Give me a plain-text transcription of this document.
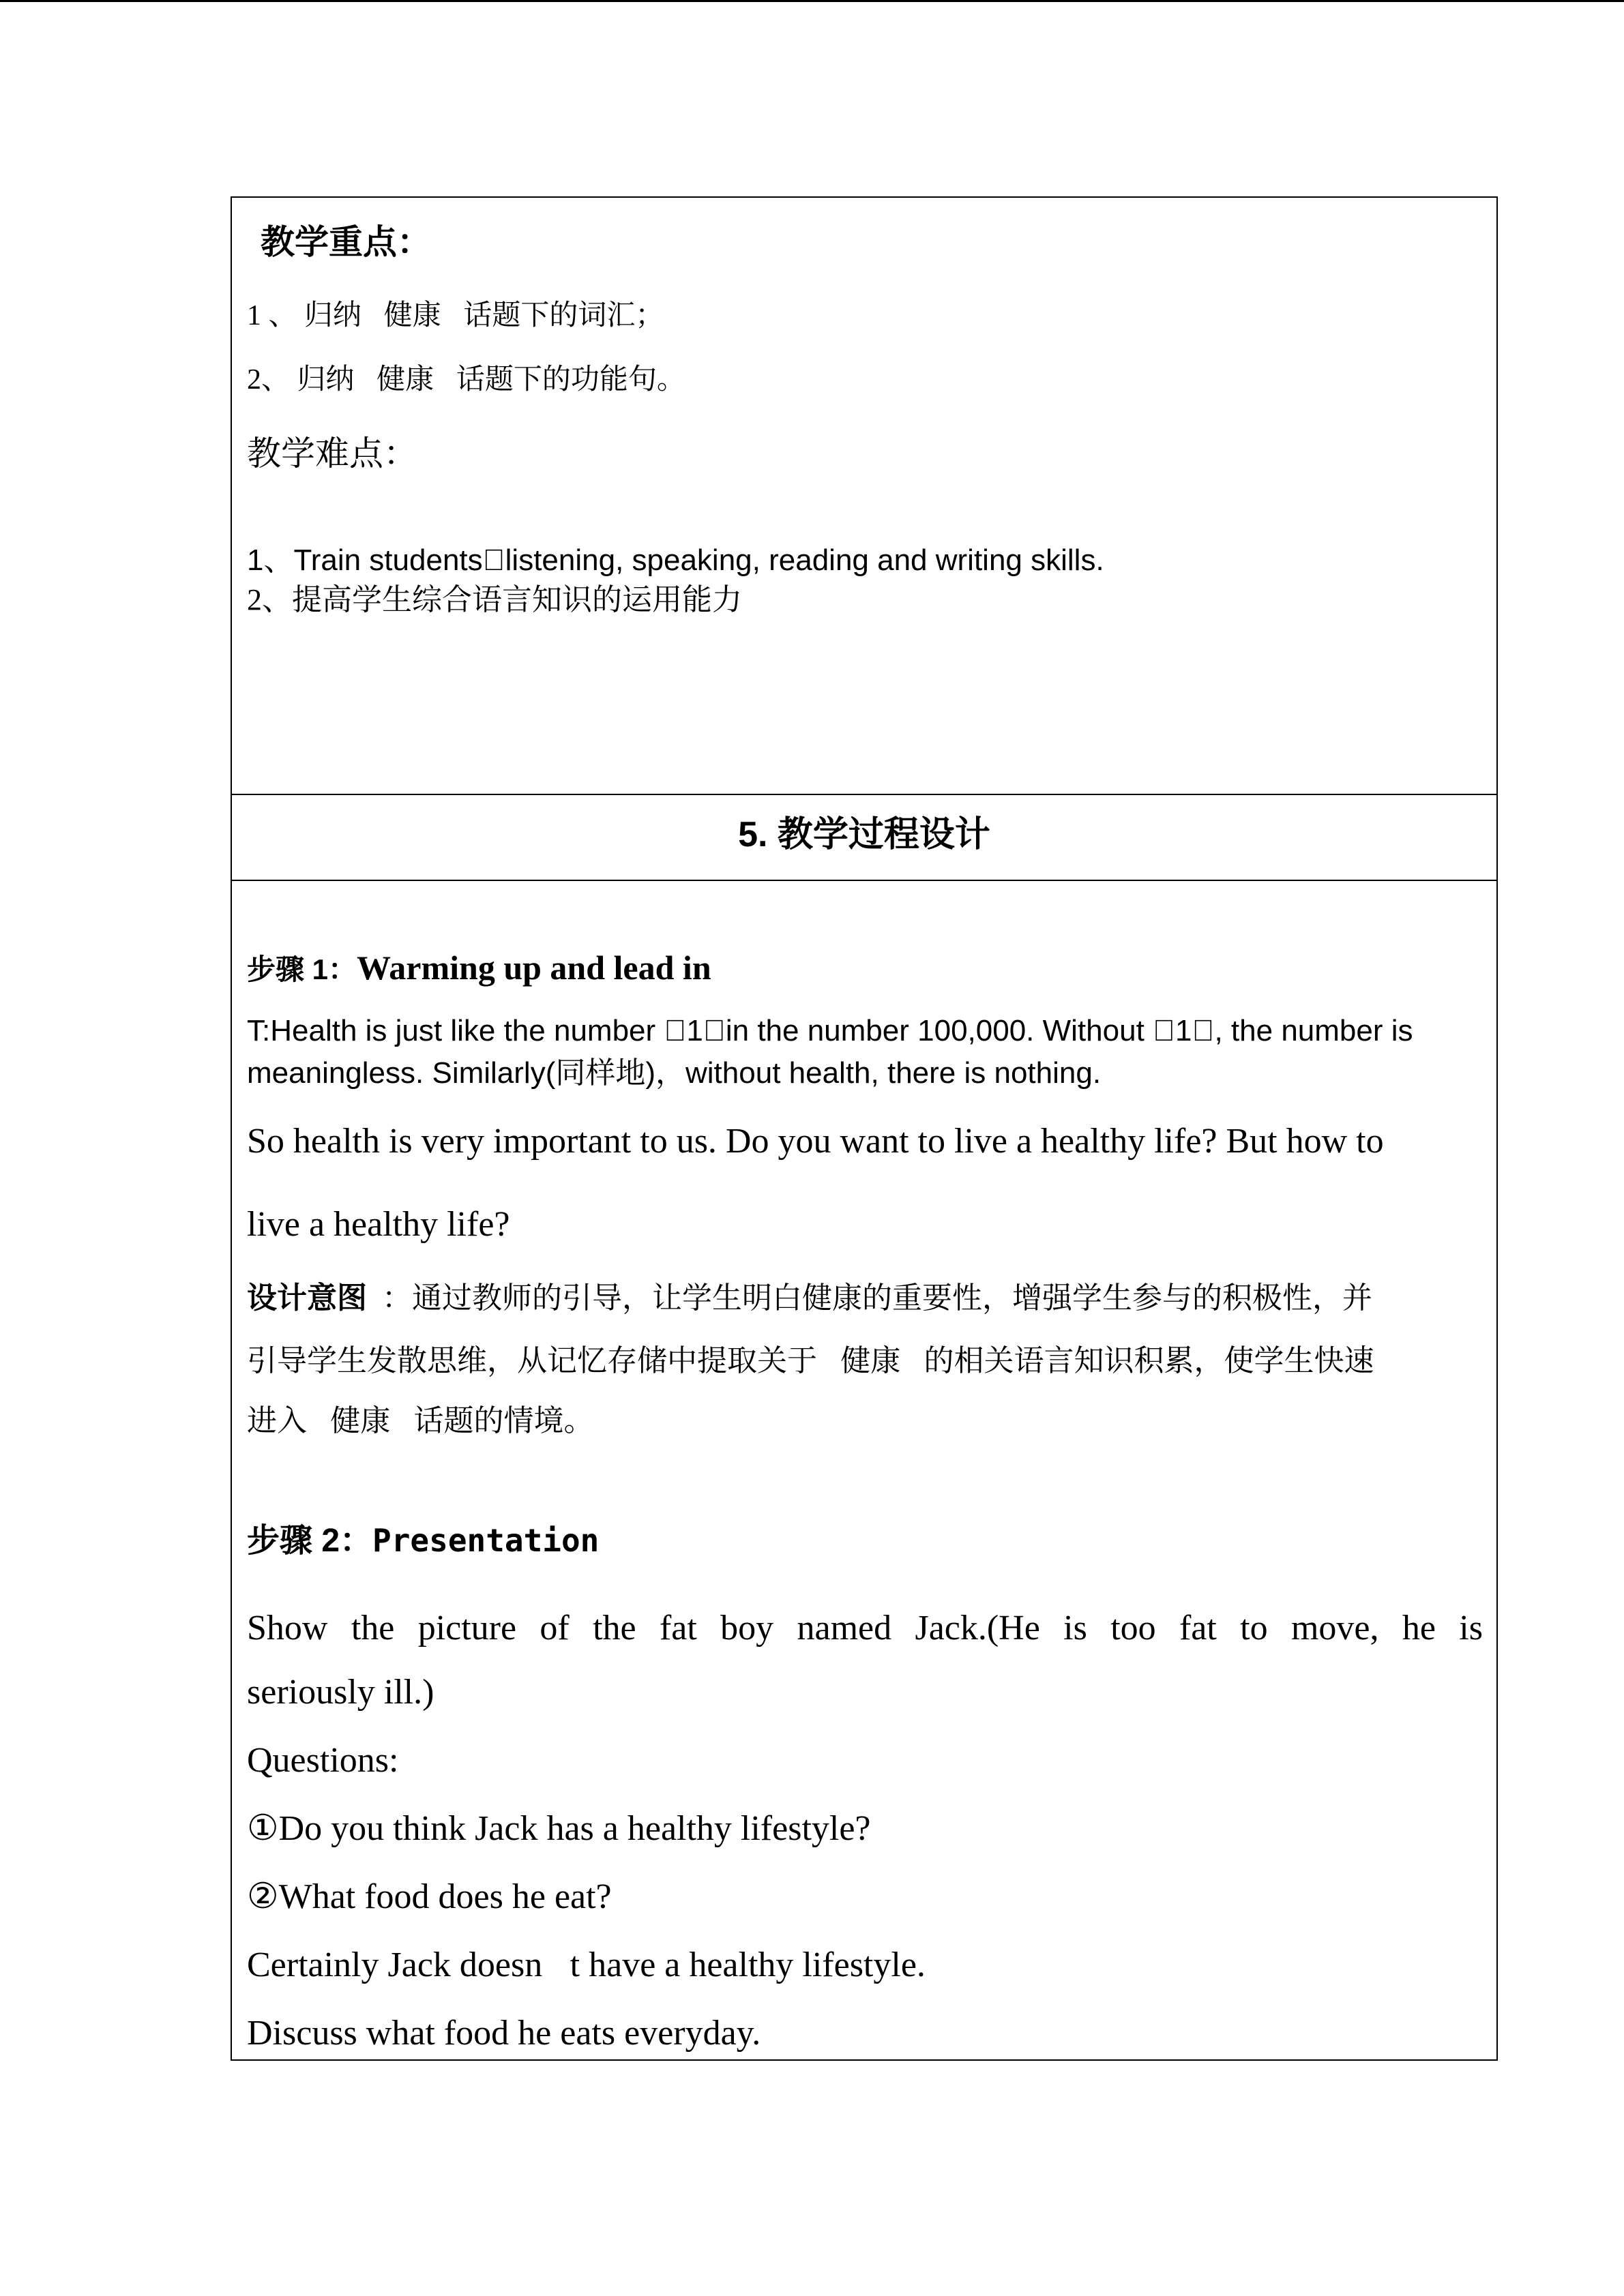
教学重点：
1 、 归纳 健康 话题下的词汇；
2、 归纳 健康 话题下的功能句。
教学难点：
1、Train students listening, speaking, reading and writing skills.
2、提高学生综合语言知识的运用能力
5. 教学过程设计
步骤 1：Warming up and lead in
T:Health is just like the number  1 in the number 100,000. Without  1 , the number is
meaningless. Similarly(同样地)，without health, there is nothing.
So health is very important to us. Do you want to live a healthy life? But how to
live a healthy life?
设计意图 ：通过教师的引导，让学生明白健康的重要性，增强学生参与的积极性，并
引导学生发散思维，从记忆存储中提取关于 健康 的相关语言知识积累，使学生快速
进入 健康 话题的情境。
步骤 2：Presentation
Show the picture of the fat boy named Jack.(He is too fat to move, he is
seriously ill.)
Questions:
①Do you think Jack has a healthy lifestyle?
②What food does he eat?
Certainly Jack doesn t have a healthy lifestyle.
Discuss what food he eats everyday.
